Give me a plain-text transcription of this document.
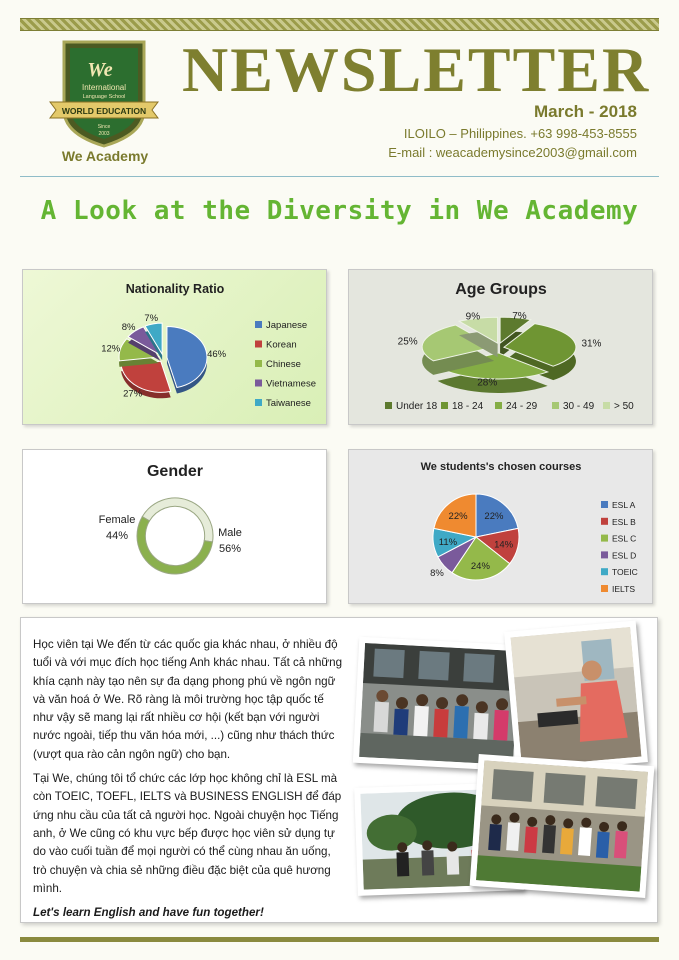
We
International
Language School
WORLD EDUCATION
Since
2003
We Academy
NEWSLETTER
March - 2018
ILOILO – Philippines. +63 998-453-8555
E-mail : weacademysince2003@gmail.com
A Look at the Diversity in We Academy
Nationality Ratio
46%
27%
12%
8%
7%
Japanese
Korean
Chinese
Vietnamese
Taiwanese
Age Groups
7%
31%
28%
25%
9%
Under 18 18 - 24 24 - 29	30 - 49 > 50
Gender
Female
44%	Male
56%
We students's chosen courses
22%
14%
24%
8%
11%
22%
ESL A
ESL B
ESL C
ESL D
TOEIC
IELTS

Học viên tại We đến từ các quốc gia khác nhau, ở nhiều độ tuổi và với mục đích học tiếng Anh khác nhau. Tất cả những khía cạnh này tạo nên sự đa dạng phong phú về ngôn ngữ và văn hoá ở We. Rõ ràng là môi trường học tập quốc tế như vậy sẽ mang lại rất nhiều cơ hội (kết bạn với người nước ngoài, tiếp thu văn hóa mới, ...) cũng như thách thức (vượt qua rào cản ngôn ngữ) cho bạn.

Tại We, chúng tôi tổ chức các lớp học không chỉ là ESL mà còn TOEIC, TOEFL, IELTS và BUSINESS ENGLISH để đáp ứng nhu cầu của tất cả người học. Ngoài chuyện học Tiếng anh, ở We cũng có khu vực bếp được học viên sử dụng tự do vào cuối tuần để mọi người có thể cùng nhau ăn uống, trò chuyện và chia sẻ những điều đặc biệt của quê hương mình.

Let's learn English and have fun together!
